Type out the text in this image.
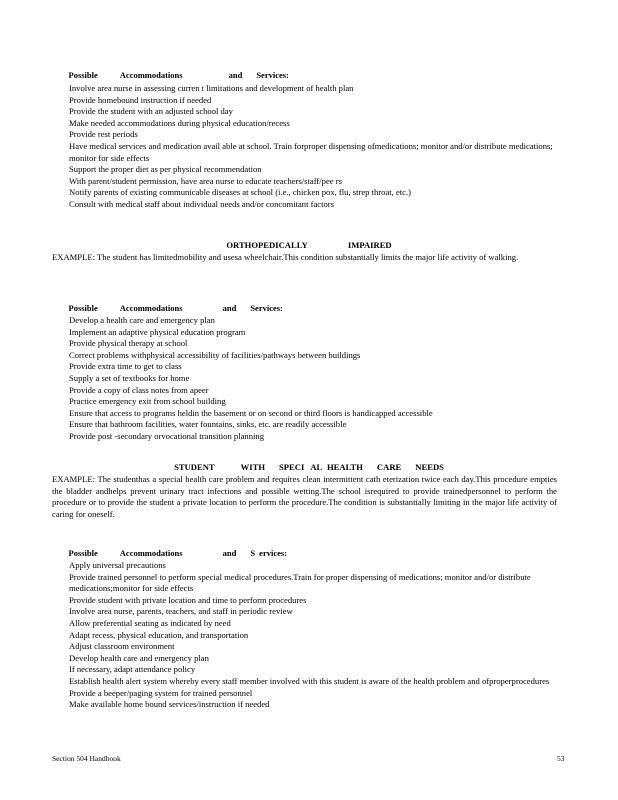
Possible	Accommodations	and Services:

Involve area nurse in assessing curren t limitations and development of health plan
Provide homebound instruction if needed
Provide the student with an adjusted school day
Make needed accommodations during physical education/recess
Provide rest periods
Have medical services and medication avail able at school. Train forproper dispensing ofmedications; monitor and/or distribute medications; monitor for side effects
Support the proper diet as per physical recommendation
With parent/student permission, have area nurse to educate teachers/staff/pee rs
Notify parents of existing communicable diseases at school (i.e., chicken pox, flu, strep throat, etc.)
Consult with medical staff about individual needs and/or concomitant factors
ORTHOPEDICALLY	IMPAIRED
EXAMPLE: The student has limitedmobility and usesa wheelchair.This condition substantially limits the major life activity of walking.

Possible	Accommodations	and Services:

Develop a health care and emergency plan
Implement an adaptive physical education program
Provide physical therapy at school
Correct problems withphysical accessibility of facilities/pathways between buildings
Provide extra time to get to class
Supply a set of textbooks for home
Provide a copy of class notes from apeer
Practice emergency exit from school building
Ensure that access to programs heldin the basement or on second or third floors is handicapped accessible
Ensure that bathroom facilities, water fountains, sinks, etc. are readily accessible
Provide post -secondary orvocational transition planning
STUDENT	WITH SPECI AL HEALTH CARE NEEDS
EXAMPLE: The studenthas a special health care problem and requires clean intermittent cath eterization twice each day.This procedure empties the bladder andhelps prevent urinary tract infections and possible wetting.The school isrequired to provide trainedpersonnel to perform the procedure or to provide the student a private location to perform the procedure.The condition is substantially limiting in the major life activity of caring for oneself.

Possible	Accommodations	and S ervices:

Apply universal precautions
Provide trained personnel to perform special medical procedures.Train for proper dispensing of medications; monitor and/or distribute medications;monitor for side effects
Provide student with private location and time to perform procedures
Involve area nurse, parents, teachers, and staff in periodic review
Allow preferential seating as indicated by need
Adapt recess, physical education, and transportation
Adjust classroom environment
Develop health care and emergency plan
If necessary, adapt attendance policy
Establish health alert system whereby every staff member involved with this student is aware of the health problem and ofproperprocedures
Provide a beeper/paging system for trained personnel
Make available home bound services/instruction if needed
Section 504 Handbook	53
